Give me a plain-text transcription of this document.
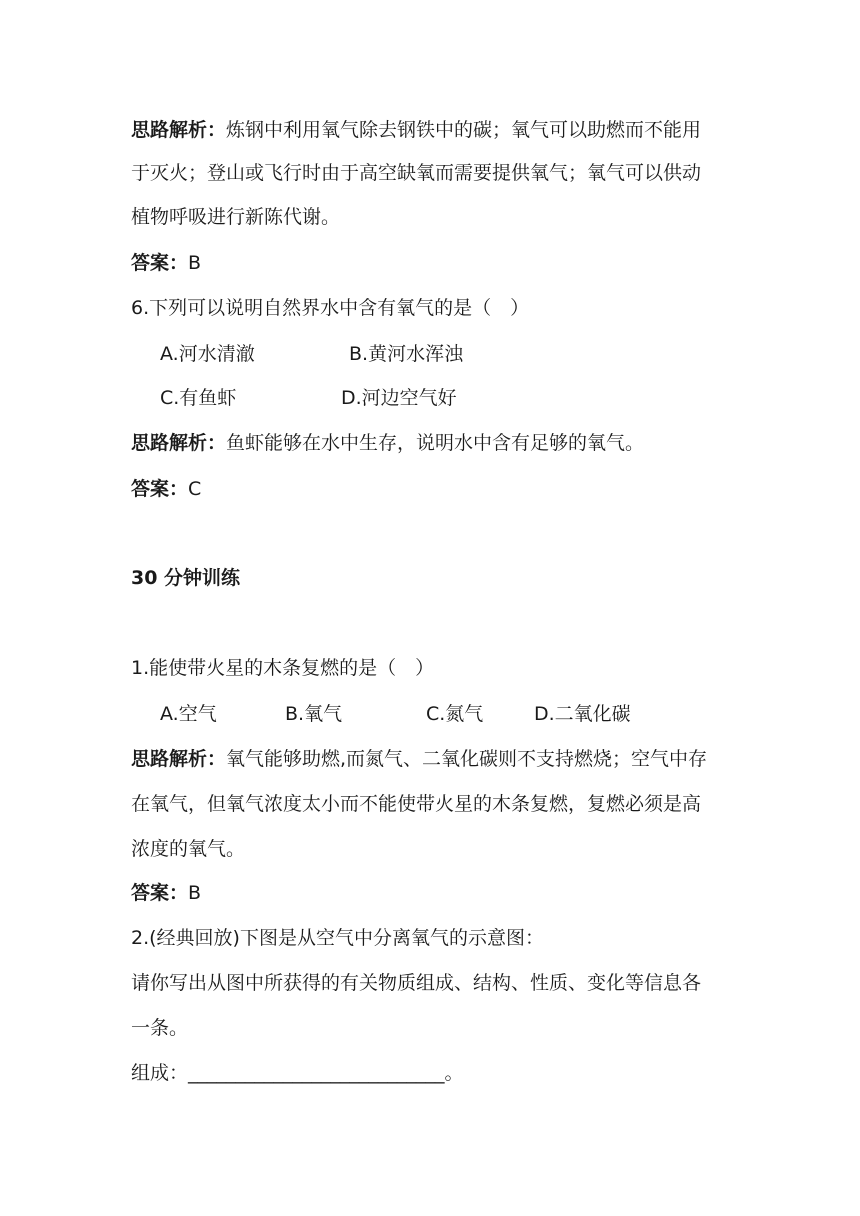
思路解析：炼钢中利用氧气除去钢铁中的碳；氧气可以助燃而不能用
于灭火；登山或飞行时由于高空缺氧而需要提供氧气；氧气可以供动
植物呼吸进行新陈代谢。
答案：B
6.下列可以说明自然界水中含有氧气的是（　）
A.河水清澈	B.黄河水浑浊
C.有鱼虾	D.河边空气好
思路解析：鱼虾能够在水中生存，说明水中含有足够的氧气。
答案：C
30 分钟训练
1.能使带火星的木条复燃的是（　）
A.空气	B.氧气	C.氮气	D.二氧化碳
思路解析：氧气能够助燃,而氮气、二氧化碳则不支持燃烧；空气中存
在氧气，但氧气浓度太小而不能使带火星的木条复燃，复燃必须是高
浓度的氧气。
答案：B
2.(经典回放)下图是从空气中分离氧气的示意图：
请你写出从图中所获得的有关物质组成、结构、性质、变化等信息各
一条。
组成：___________________________。
